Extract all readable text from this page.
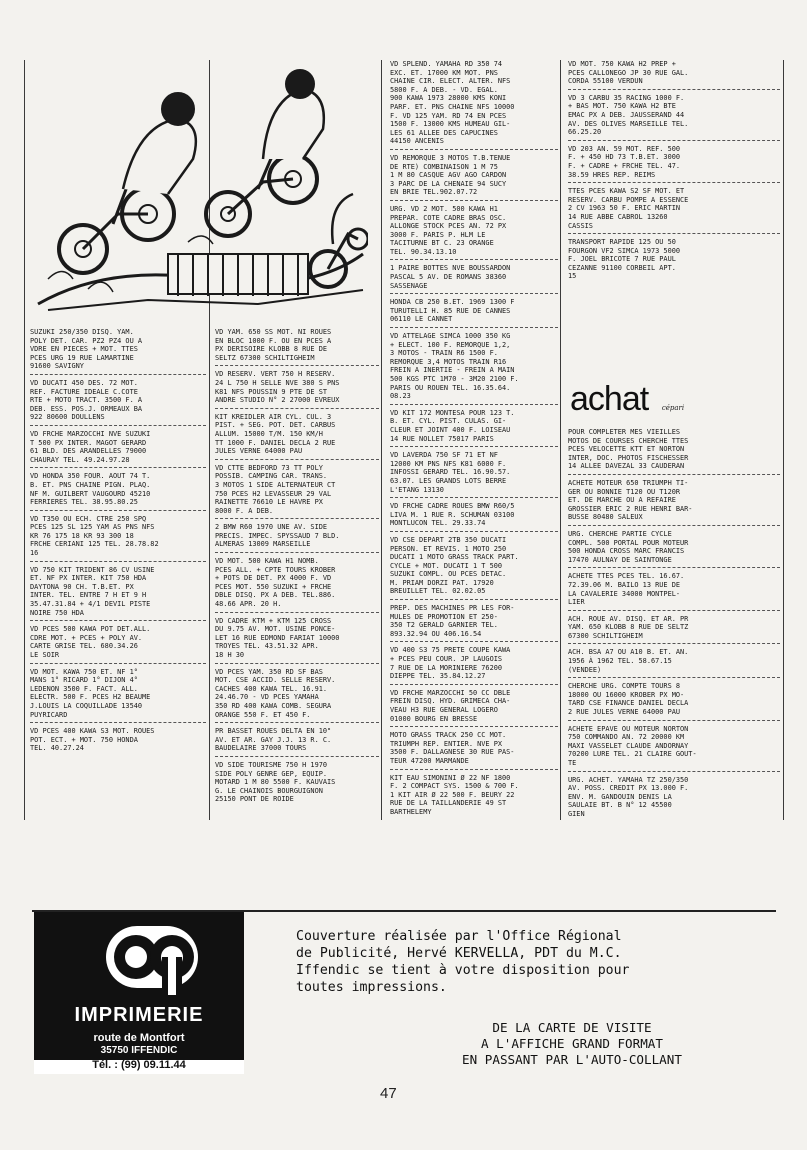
SUZUKI 250/350 DISQ. YAM.
POLY DET. CAR. PZ2 PZ4 OU A
VDRE EN PIECES + MOT. TTES
PCES URG 19 RUE LAMARTINE
91600 SAVIGNY
VD DUCATI 450 DES. 72 MOT.
REF. FACTURE IDEALE C.COTE
RTE + MOTO TRACT. 3500 F. A
DEB. ESS. POS.J. ORMEAUX BA
922 80600 DOULLENS
VD FRCHE MARZOCCHI NVE SUZUKI
T 500 PX INTER. MAGOT GERARD
61 BLD. DES ARANDELLES 79000
CHAURAY TEL. 49.24.97.28
VD HONDA 350 FOUR. AOUT 74 T.
B. ET. PNS CHAINE PIGN. PLAQ.
NF M. GUILBERT VAUGOURD 45210
FERRIERES TEL. 38.95.80.25
VD T350 OU ECH. CTRE 250 SPQ
PCES 125 SL 125 YAM AS PNS NFS
KR 76 175 18 KR 93 300 18
FRCHE CERIANI 125 TEL. 28.78.82
16
VD 750 KIT TRIDENT 86 CV USINE
ET. NF PX INTER. KIT 750 HDA
DAYTONA 90 CH. T.B.ET. PX
INTER. TEL. ENTRE 7 H ET 9 H
35.47.31.84 + 4/1 DEVIL PISTE
NOIRE 750 HDA
VD PCES 500 KAWA POT DET.ALL.
CDRE MOT. + PCES + POLY AV.
CARTE GRISE TEL. 680.34.26
LE SOIR
VD MOT. KAWA 750 ET. NF 1°
MANS 1° RICARD 1° DIJON 4°
LEDENON 3500 F. FACT. ALL.
ELECTR. 500 F. PCES H2 BEAUME
J.LOUIS LA COQUILLADE 13540
PUYRICARD
VD PCES 400 KAWA S3 MOT. ROUES
POT. ECT. + MOT. 750 HONDA
TEL. 40.27.24
VD YAM. 650 SS MOT. NI ROUES
EN BLOC 1000 F. OU EN PCES A
PX DERISOIRE KLOBB 8 RUE DE
SELTZ 67300 SCHILTIGHEIM
VD RESERV. VERT 750 H RESERV.
24 L 750 H SELLE NVE 380 S PNS
K81 NFS POUSSIN 9 PTE DE ST
ANDRE STUDIO N° 2 27000 EVREUX
KIT KREIDLER AIR CYL. CUL. 3
PIST. + SEG. POT. DET. CARBUS
ALLUM. 15000 T/M. 150 KM/H
TT 1000 F. DANIEL DECLA 2 RUE
JULES VERNE 64000 PAU
VD CTTE BEDFORD 73 TT POLY
POSSIB. CAMPING CAR. TRANS.
3 MOTOS 1 SIDE ALTERNATEUR CT
750 PCES H2 LEVASSEUR 29 VAL
RAINETTE 76610 LE HAVRE PX
8000 F. A DEB.
2 BMW R60 1970 UNE AV. SIDE
PRECIS. IMPEC. SPYSSAUD 7 BLD.
ALMERAS 13009 MARSEILLE
VD MOT. 500 KAWA H1 NOMB.
PCES ALL. + CPTE TOURS KROBER
+ POTS DE DET. PX 4000 F. VD
PCES MOT. 550 SUZUKI + FRCHE
DBLE DISQ. PX A DEB. TEL.886.
48.66 APR. 20 H.
VD CADRE KTM + KTM 125 CROSS
DU 9.75 AV. MOT. USINE PONCE-
LET 16 RUE EDMOND FARIAT 10000
TROYES TEL. 43.51.32 APR.
18 H 30
VD PCES YAM. 350 RD SF BAS
MOT. CSE ACCID. SELLE RESERV.
CACHES 400 KAWA TEL. 16.91.
24.46.70 - VD PCES YAMAHA
350 RD 400 KAWA COMB. SEGURA
ORANGE 550 F. ET 450 F.
PR BASSET ROUES DELTA EN 10"
AV. ET AR. GAY J.J. 13 R. C.
BAUDELAIRE 37000 TOURS
VD SIDE TOURISME 750 H 1970
SIDE POLY GENRE GEP, EQUIP.
MOTARD 1 M 80 5500 F. KAUVAIS
G. LE CHAINOIS BOURGUIGNON
25150 PONT DE ROIDE
VD SPLEND. YAMAHA RD 350 74
EXC. ET. 17000 KM MOT. PNS
CHAINE CIR. ELECT. ALTER. NFS
5800 F. A DEB. - VD. EGAL.
900 KAWA 1973 28000 KMS KONI
PARF. ET. PNS CHAINE NFS 10000
F. VD 125 YAM. RD 74 EN PCES
1500 F. 13000 KMS HUMEAU GIL-
LES 61 ALLEE DES CAPUCINES
44150 ANCENIS
VD REMORQUE 3 MOTOS T.B.TENUE
DE RTE) COMBINAISON 1 M 75
1 M 80 CASQUE AGV AGO CARDON
3 PARC DE LA CHENAIE 94 SUCY
EN BRIE TEL.902.07.72
URG. VD 2 MOT. 500 KAWA H1
PREPAR. COTE CADRE BRAS OSC.
ALLONGE STOCK PCES AN. 72 PX
3000 F. PARIS P. HLM LE
TACITURNE BT C. 23 ORANGE
TEL. 90.34.13.10
1 PAIRE BOTTES NVE BOUSSARDON
PASCAL 5 AV. DE ROMANS 38360
SASSENAGE
HONDA CB 250 B.ET. 1969 1300 F
TURUTELLI H. 85 RUE DE CANNES
06110 LE CANNET
VD ATTELAGE SIMCA 1000 350 KG
+ ELECT. 100 F. REMORQUE 1,2,
3 MOTOS - TRAIN R6 1500 F.
REMORQUE 3,4 MOTOS TRAIN R16
FREIN A INERTIE - FREIN A MAIN
500 KGS PTC 1M70 - 3M20 2100 F.
PARIS OU ROUEN TEL. 16.35.64.
08.23
VD KIT 172 MONTESA POUR 123 T.
B. ET. CYL. PIST. CULAS. GI-
CLEUR ET JOINT 400 F. LOISEAU
14 RUE NOLLET 75017 PARIS
VD LAVERDA 750 SF 71 ET NF
12000 KM PNS NFS K81 6000 F.
INFOSSI GERARD TEL. 16.90.57.
63.07. LES GRANDS LOTS BERRE
L'ETANG 13130
VD FRCHE CADRE ROUES BMW R60/5
LIVA M. 1 RUE R. SCHUMAN 03100
MONTLUCON TEL. 29.33.74
VD CSE DEPART 2TB 350 DUCATI
PERSON. ET REVIS. 1 MOTO 250
DUCATI 1 MOTO GRASS TRACK PART.
CYCLE + MOT. DUCATI 1 T 500
SUZUKI COMPL. OU PCES DETAC.
M. PRIAM DORZI PAT. 17920
BREUILLET TEL. 02.02.05
PREP. DES MACHINES PR LES FOR-
MULES DE PROMOTION ET 250-
350 T2 GERALD GARNIER TEL.
893.32.94 OU 406.16.54
VD 400 S3 75 PRETE COUPE KAWA
+ PCES PEU COUR. JP LAUGOIS
7 RUE DE LA MORINIERE 76200
DIEPPE TEL. 35.84.12.27
VD FRCHE MARZOCCHI 50 CC DBLE
FREIN DISQ. HYD. GRIMECA CHA-
VEAU H3 RUE GENERAL LOGERO
01000 BOURG EN BRESSE
MOTO GRASS TRACK 250 CC MOT.
TRIUMPH REP. ENTIER. NVE PX
3500 F. DALLAGNESE 30 RUE PAS-
TEUR 47200 MARMANDE
KIT EAU SIMONINI Ø 22 NF 1800
F. 2 COMPACT SYS. 1500 & 700 F.
1 KIT AIR Ø 22 500 F. BEURY 22
RUE DE LA TAILLANDERIE 49 ST
BARTHELEMY
VD MOT. 750 KAWA H2 PREP +
PCES CALLONEGO JP 30 RUE GAL.
CORDA 55100 VERDUN
VD 3 CARBU 35 RACING 1000 F.
+ BAS MOT. 750 KAWA H2 BTE
EMAC PX A DEB. JAUSSERAND 44
AV. DES OLIVES MARSEILLE TEL.
66.25.20
VD 203 AN. 59 MOT. REF. 500
F. + 450 HD 73 T.B.ET. 3000
F. + CADRE + FRCHE TEL. 47.
38.59 HRES REP. REIMS
TTES PCES KAWA S2 SF MOT. ET
RESERV. CARBU POMPE A ESSENCE
2 CV 1963 50 F. ERIC MARTIN
14 RUE ABBE CABROL 13260
CASSIS
TRANSPORT RAPIDE 125 OU 50
FOURGON VF2 SIMCA 1973 5000
F. JOEL BRICOTE 7 RUE PAUL
CEZANNE 91100 CORBEIL APT.
15
achat cépari
POUR COMPLETER MES VIEILLES
MOTOS DE COURSES CHERCHE TTES
PCES VELOCETTE KTT ET NORTON
INTER, DOC. PHOTOS FISCHESSER
14 ALLEE DAVEZAL 33 CAUDERAN
ACHETE MOTEUR 650 TRIUMPH TI-
GER OU BONNIE T120 OU T120R
ET. DE MARCHE OU A REFAIRE
GROSSIER ERIC 2 RUE HENRI BAR-
BUSSE 80480 SALEUX
URG. CHERCHE PARTIE CYCLE
COMPL. 500 PORTAL POUR MOTEUR
500 HONDA CROSS MARC FRANCIS
17470 AULNAY DE SAINTONGE
ACHETE TTES PCES TEL. 16.67.
72.39.06 M. BAILO 13 RUE DE
LA CAVALERIE 34000 MONTPEL-
LIER
ACH. ROUE AV. DISQ. ET AR. PR
YAM. 650 KLOBB 8 RUE DE SELTZ
67300 SCHILTIGHEIM
ACH. BSA A7 OU A10 B. ET. AN.
1956 À 1962 TEL. 58.67.15
(VENDEE)
CHERCHE URG. COMPTE TOURS 8
18000 OU 16000 KROBER PX MO-
TARD CSE FINANCE DANIEL DECLA
2 RUE JULES VERNE 64000 PAU
ACHETE EPAVE OU MOTEUR NORTON
750 COMMANDO AN. 72 20000 KM
MAXI VASSELET CLAUDE ANDORNAY
70200 LURE TEL. 21 CLAIRE GOUT-
TE
URG. ACHET. YAMAHA TZ 250/350
AV. POSS. CREDIT PX 13.000 F.
ENV. M. GANDOUIN DENIS LA
SAULAIE BT. B N° 12 45500
GIEN
op
IMPRIMERIE
route de Montfort
35750 IFFENDIC
Tél. : (99) 09.11.44
Couverture réalisée par l'Office Régional
de Publicité, Hervé KERVELLA, PDT du M.C.
Iffendic se tient à votre disposition pour
toutes impressions.
DE LA CARTE DE VISITE
A L'AFFICHE GRAND FORMAT
EN PASSANT PAR L'AUTO-COLLANT
47
